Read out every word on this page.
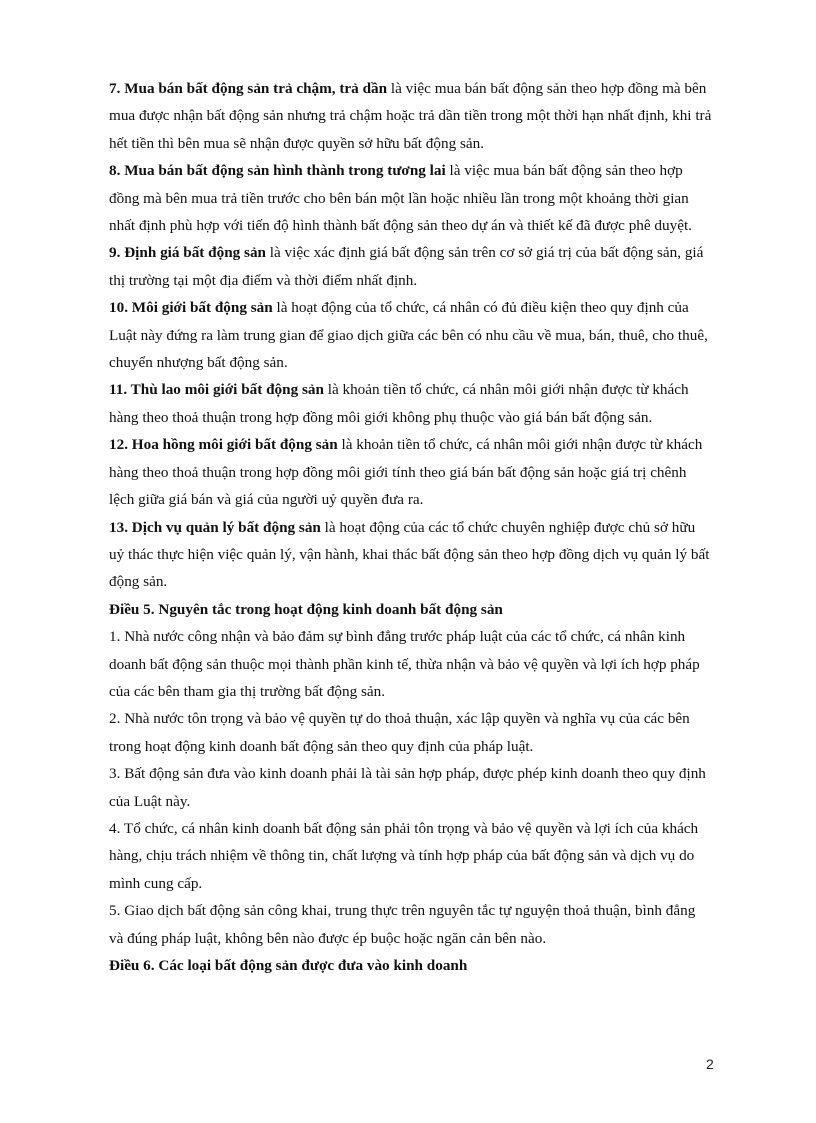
7. Mua bán bất động sản trả chậm, trả dần là việc mua bán bất động sản theo hợp đồng mà bên mua được nhận bất động sản nhưng trả chậm hoặc trả dần tiền trong một thời hạn nhất định, khi trả hết tiền thì bên mua sẽ nhận được quyền sở hữu bất động sản.

8. Mua bán bất động sản hình thành trong tương lai là việc mua bán bất động sản theo hợp đồng mà bên mua trả tiền trước cho bên bán một lần hoặc nhiều lần trong một khoảng thời gian nhất định phù hợp với tiến độ hình thành bất động sản theo dự án và thiết kế đã được phê duyệt.

9. Định giá bất động sản là việc xác định giá bất động sản trên cơ sở giá trị của bất động sản, giá thị trường tại một địa điểm và thời điểm nhất định.

10. Môi giới bất động sản là hoạt động của tổ chức, cá nhân có đủ điều kiện theo quy định của Luật này đứng ra làm trung gian để giao dịch giữa các bên có nhu cầu về mua, bán, thuê, cho thuê, chuyển nhượng bất động sản.

11. Thù lao môi giới bất động sản là khoản tiền tổ chức, cá nhân môi giới nhận được từ khách hàng theo thoả thuận trong hợp đồng môi giới không phụ thuộc vào giá bán bất động sản.

12. Hoa hồng môi giới bất động sản là khoản tiền tổ chức, cá nhân môi giới nhận được từ khách hàng theo thoả thuận trong hợp đồng môi giới tính theo giá bán bất động sản hoặc giá trị chênh lệch giữa giá bán và giá của người uỷ quyền đưa ra.

13. Dịch vụ quản lý bất động sản là hoạt động của các tổ chức chuyên nghiệp được chủ sở hữu uỷ thác thực hiện việc quản lý, vận hành, khai thác bất động sản theo hợp đồng dịch vụ quản lý bất động sản.

Điều 5. Nguyên tắc trong hoạt động kinh doanh bất động sản

1. Nhà nước công nhận và bảo đảm sự bình đẳng trước pháp luật của các tổ chức, cá nhân kinh doanh bất động sản thuộc mọi thành phần kinh tế, thừa nhận và bảo vệ quyền và lợi ích hợp pháp của các bên tham gia thị trường bất động sản.

2. Nhà nước tôn trọng và bảo vệ quyền tự do thoả thuận, xác lập quyền và nghĩa vụ của các bên trong hoạt động kinh doanh bất động sản theo quy định của pháp luật.

3. Bất động sản đưa vào kinh doanh phải là tài sản hợp pháp, được phép kinh doanh theo quy định của Luật này.

4. Tổ chức, cá nhân kinh doanh bất động sản phải tôn trọng và bảo vệ quyền và lợi ích của khách hàng, chịu trách nhiệm về thông tin, chất lượng và tính hợp pháp của bất động sản và dịch vụ do mình cung cấp.

5. Giao dịch bất động sản công khai, trung thực trên nguyên tắc tự nguyện thoả thuận, bình đẳng và đúng pháp luật, không bên nào được ép buộc hoặc ngăn cản bên nào.

Điều 6. Các loại bất động sản được đưa vào kinh doanh

2
